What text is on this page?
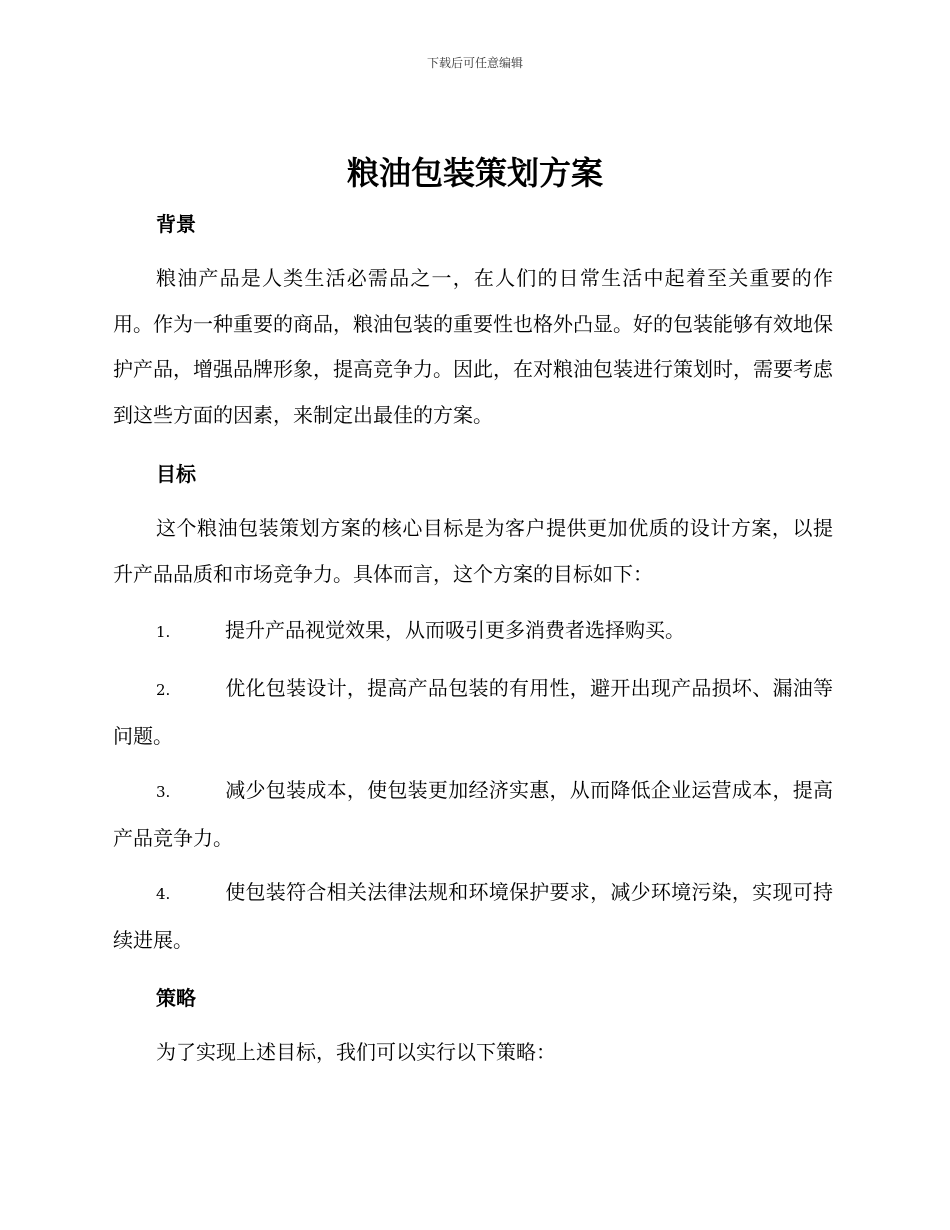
下载后可任意编辑
粮油包装策划方案
背景

粮油产品是人类生活必需品之一，在人们的日常生活中起着至关重要的作用。作为一种重要的商品，粮油包装的重要性也格外凸显。好的包装能够有效地保护产品，增强品牌形象，提高竞争力。因此，在对粮油包装进行策划时，需要考虑到这些方面的因素，来制定出最佳的方案。

目标

这个粮油包装策划方案的核心目标是为客户提供更加优质的设计方案，以提升产品品质和市场竞争力。具体而言，这个方案的目标如下：

1.	提升产品视觉效果，从而吸引更多消费者选择购买。

2.	优化包装设计，提高产品包装的有用性，避开出现产品损坏、漏油等问题。

3.	减少包装成本，使包装更加经济实惠，从而降低企业运营成本，提高产品竞争力。

4.	使包装符合相关法律法规和环境保护要求，减少环境污染，实现可持续进展。

策略

为了实现上述目标，我们可以实行以下策略：
